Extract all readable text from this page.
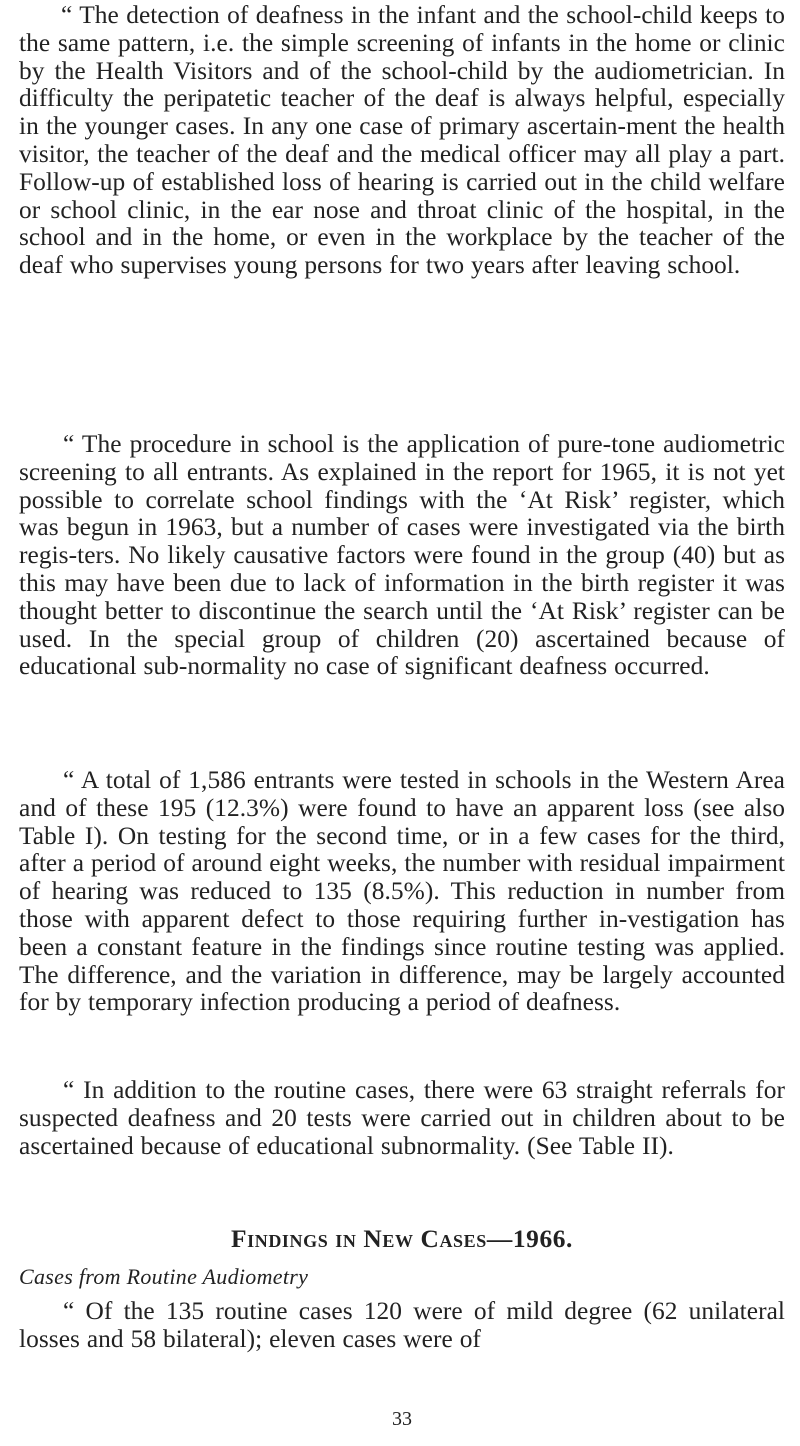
“ The detection of deafness in the infant and the school-child keeps to the same pattern, i.e. the simple screening of infants in the home or clinic by the Health Visitors and of the school-child by the audiometrician. In difficulty the peripatetic teacher of the deaf is always helpful, especially in the younger cases. In any one case of primary ascertain-ment the health visitor, the teacher of the deaf and the medical officer may all play a part. Follow-up of established loss of hearing is carried out in the child welfare or school clinic, in the ear nose and throat clinic of the hospital, in the school and in the home, or even in the workplace by the teacher of the deaf who supervises young persons for two years after leaving school.

“ The procedure in school is the application of pure-tone audiometric screening to all entrants. As explained in the report for 1965, it is not yet possible to correlate school findings with the ‘At Risk’ register, which was begun in 1963, but a number of cases were investigated via the birth regis-ters. No likely causative factors were found in the group (40) but as this may have been due to lack of information in the birth register it was thought better to discontinue the search until the ‘At Risk’ register can be used. In the special group of children (20) ascertained because of educational sub-normality no case of significant deafness occurred.

“ A total of 1,586 entrants were tested in schools in the Western Area and of these 195 (12.3%) were found to have an apparent loss (see also Table I). On testing for the second time, or in a few cases for the third, after a period of around eight weeks, the number with residual impairment of hearing was reduced to 135 (8.5%). This reduction in number from those with apparent defect to those requiring further in-vestigation has been a constant feature in the findings since routine testing was applied. The difference, and the variation in difference, may be largely accounted for by temporary infection producing a period of deafness.

“ In addition to the routine cases, there were 63 straight referrals for suspected deafness and 20 tests were carried out in children about to be ascertained because of educational subnormality. (See Table II).

Findings in New Cases—1966.

Cases from Routine Audiometry

“ Of the 135 routine cases 120 were of mild degree (62 unilateral losses and 58 bilateral); eleven cases were of

33
